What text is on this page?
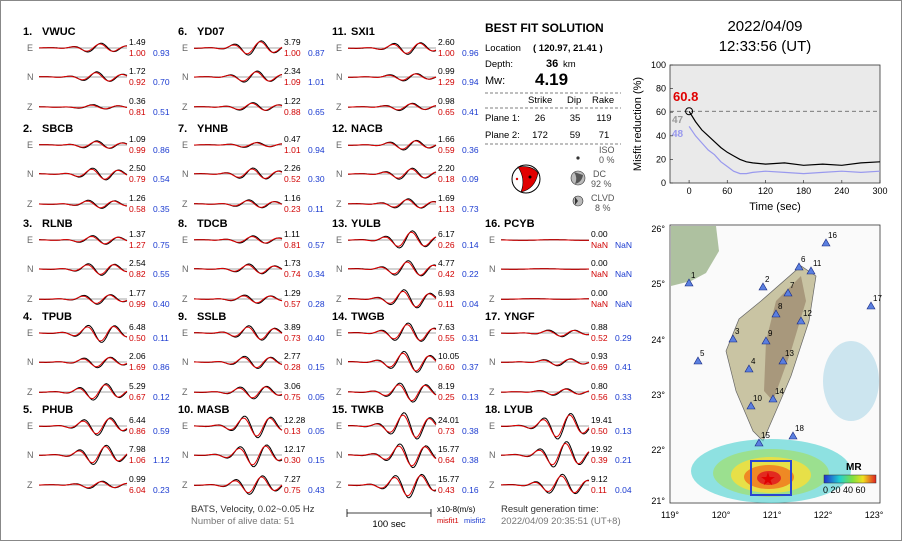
1. VWUC
E
1.49
1.00 0.93
N
1.72
0.92 0.70
Z
0.36
0.81 0.51
2. SBCB
E
1.09
0.99 0.86
N
2.50
0.79 0.54
Z
1.26
0.58 0.35
3. RLNB
E
1.37
1.27 0.75
N
2.54
0.82 0.55
Z
1.77
0.99 0.40
4. TPUB
E
6.48
0.50 0.11
N
2.06
1.69 0.86
Z
5.29
0.67 0.12
5. PHUB
E
6.44
0.86 0.59
N
7.98
1.06 1.12
Z
0.99
6.04 0.23
6. YD07
E
3.79
1.00 0.87
N
2.34
1.09 1.01
Z
1.22
0.88 0.65
7. YHNB
E
0.47
1.01 0.94
N
2.26
0.52 0.30
Z
1.16
0.23 0.11
8. TDCB
E
1.11
0.81 0.57
N
1.73
0.74 0.34
Z
1.29
0.57 0.28
9. SSLB
E
3.89
0.73 0.40
N
2.77
0.28 0.15
Z
3.06
0.75 0.05
10. MASB
E
12.28
0.13 0.05
N
12.17
0.30 0.15
Z
7.27
0.75 0.43
11. SXI1
E
2.60
1.00 0.96
N
0.99
1.29 0.94
Z
0.98
0.65 0.41
12. NACB
E
1.66
0.59 0.36
N
2.20
0.18 0.09
Z
1.69
1.13 0.73
13. YULB
E
6.17
0.26 0.14
N
4.77
0.42 0.22
Z
6.93
0.11 0.04
14. TWGB
E
7.63
0.55 0.31
N
10.05
0.60 0.37
Z
8.19
0.25 0.13
15. TWKB
E
24.01
0.73 0.38
N
15.77
0.64 0.38
Z
15.77
0.43 0.16
16. PCYB
E
0.00
NaN NaN
N
0.00
NaN NaN
Z
0.00
NaN NaN
17. YNGF
E
0.88
0.52 0.29
N
0.93
0.69 0.41
Z
0.80
0.56 0.33
18. LYUB
E
19.41
0.50 0.13
N
19.92
0.39 0.21
Z
9.12
0.11 0.04
BEST FIT SOLUTION
Location ( 120.97, 21.41 )
Depth:	36 km
Mw: 4.19
Strike Dip Rake
Plane 1: 26	35 119
Plane 2: 172 59 71
ISO
0 %
DC
92 %
CLVD
8 %
2022/04/09
12:33:56 (UT)
0	60	120	180	240	300
0
20
40
60
80
100
60.8
47
48
Time (sec)
Misfit reduction (%)
★
1	2
3
4
5
6
7
8
9
10
11
12
13
14
15
16
17
18
26°
25°
24°
23°
22°
21°
119°	120°	121°	122°	123°
MR
0 20 40 60
BATS, Velocity, 0.02~0.05 Hz
Number of alive data: 51	100 sec
x10-8(m/s)
misfit1 misfit2
Result generation time:
2022/04/09 20:35:51 (UT+8)
